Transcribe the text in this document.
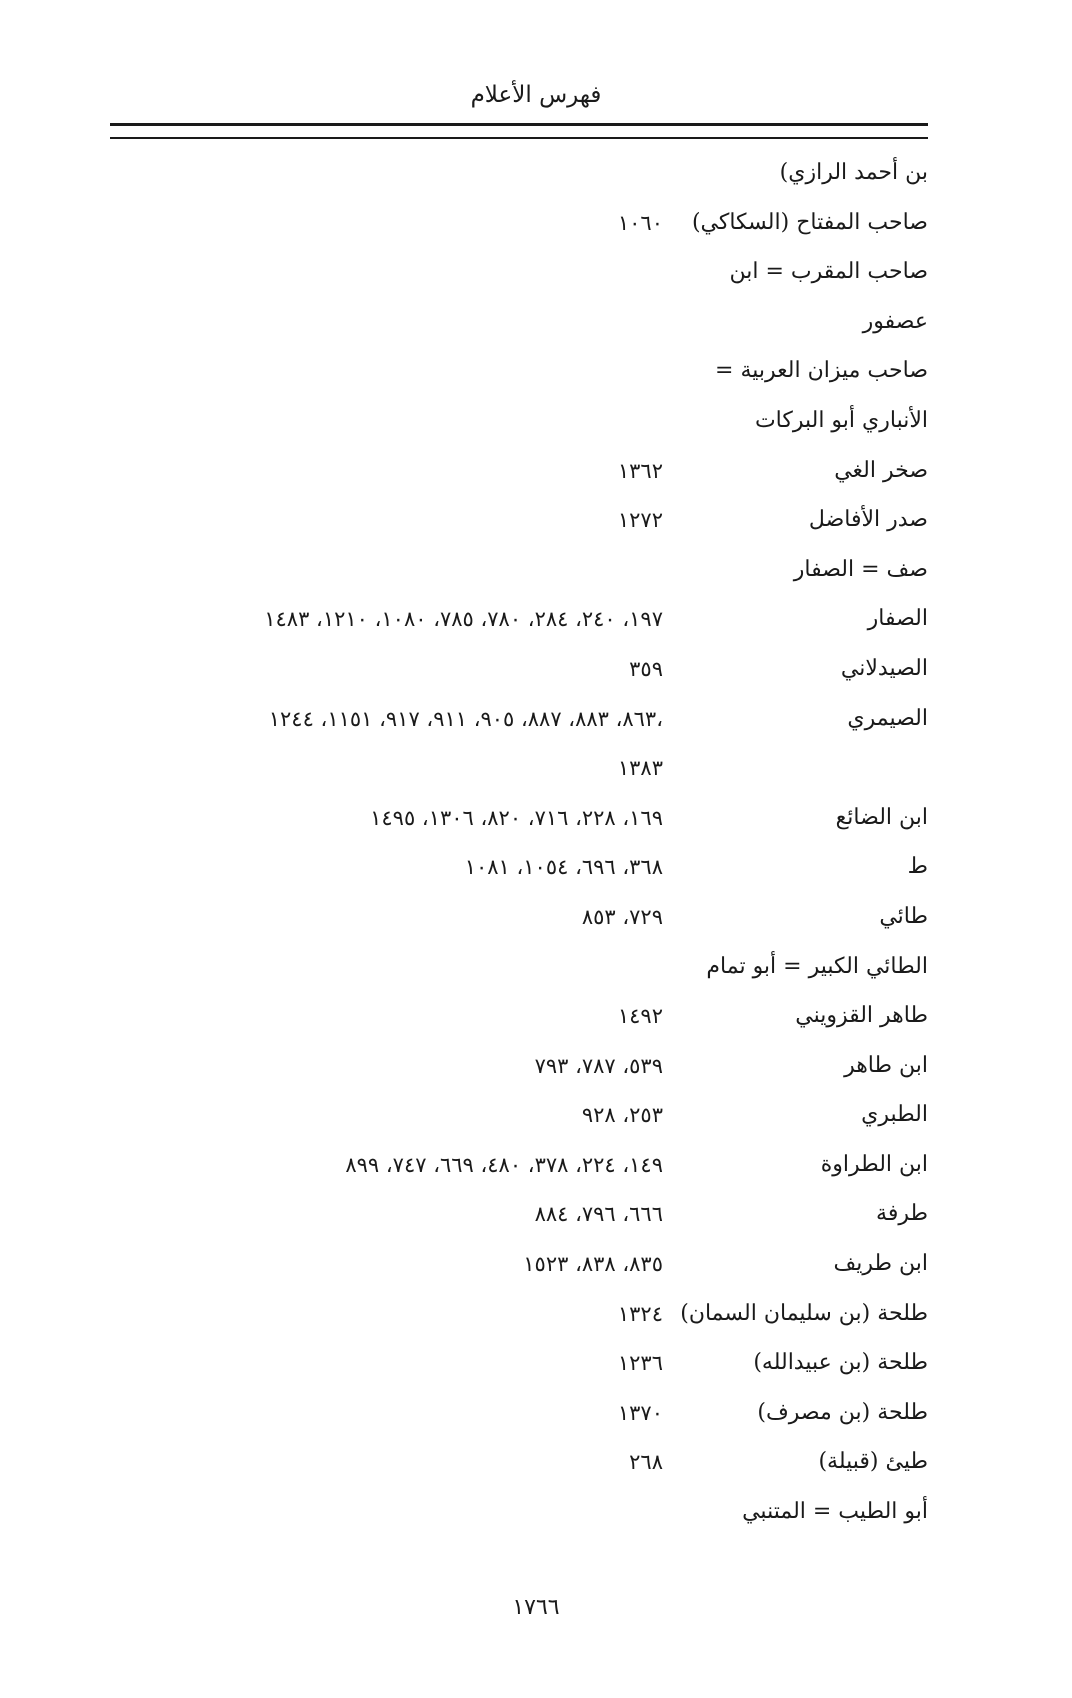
فهرس الأعلام
بن أحمد الرازي)
صاحب المفتاح (السكاكي)
١٠٦٠
صاحب المقرب = ابن
عصفور
صاحب ميزان العربية =
الأنباري أبو البركات
صخر الغي
١٣٦٢
صدر الأفاضل
١٢٧٢
صف = الصفار
الصفار
١٩٧، ٢٤٠، ٢٨٤، ٧٨٠، ٧٨٥، ١٠٨٠، ١٢١٠، ١٤٨٣
الصيدلاني
٣٥٩
الصيمري
٨٦٣، ٨٨٣، ٨٨٧، ٩٠٥، ٩١١، ٩١٧، ١١٥١، ١٢٤٤،
١٣٨٣
ابن الضائع
١٦٩، ٢٢٨، ٧١٦، ٨٢٠، ١٣٠٦، ١٤٩٥
ط
٣٦٨، ٦٩٦، ١٠٥٤، ١٠٨١
طائي
٧٢٩، ٨٥٣
الطائي الكبير = أبو تمام
طاهر القزويني
١٤٩٢
ابن طاهر
٥٣٩، ٧٨٧، ٧٩٣
الطبري
٢٥٣، ٩٢٨
ابن الطراوة
١٤٩، ٢٢٤، ٣٧٨، ٤٨٠، ٦٦٩، ٧٤٧، ٨٩٩
طرفة
٦٦٦، ٧٩٦، ٨٨٤
ابن طريف
٨٣٥، ٨٣٨، ١٥٢٣
طلحة (بن سليمان السمان)
١٣٢٤
طلحة (بن عبيدالله)
١٢٣٦
طلحة (بن مصرف)
١٣٧٠
طيئ (قبيلة)
٢٦٨
أبو الطيب = المتنبي
١٧٦٦
